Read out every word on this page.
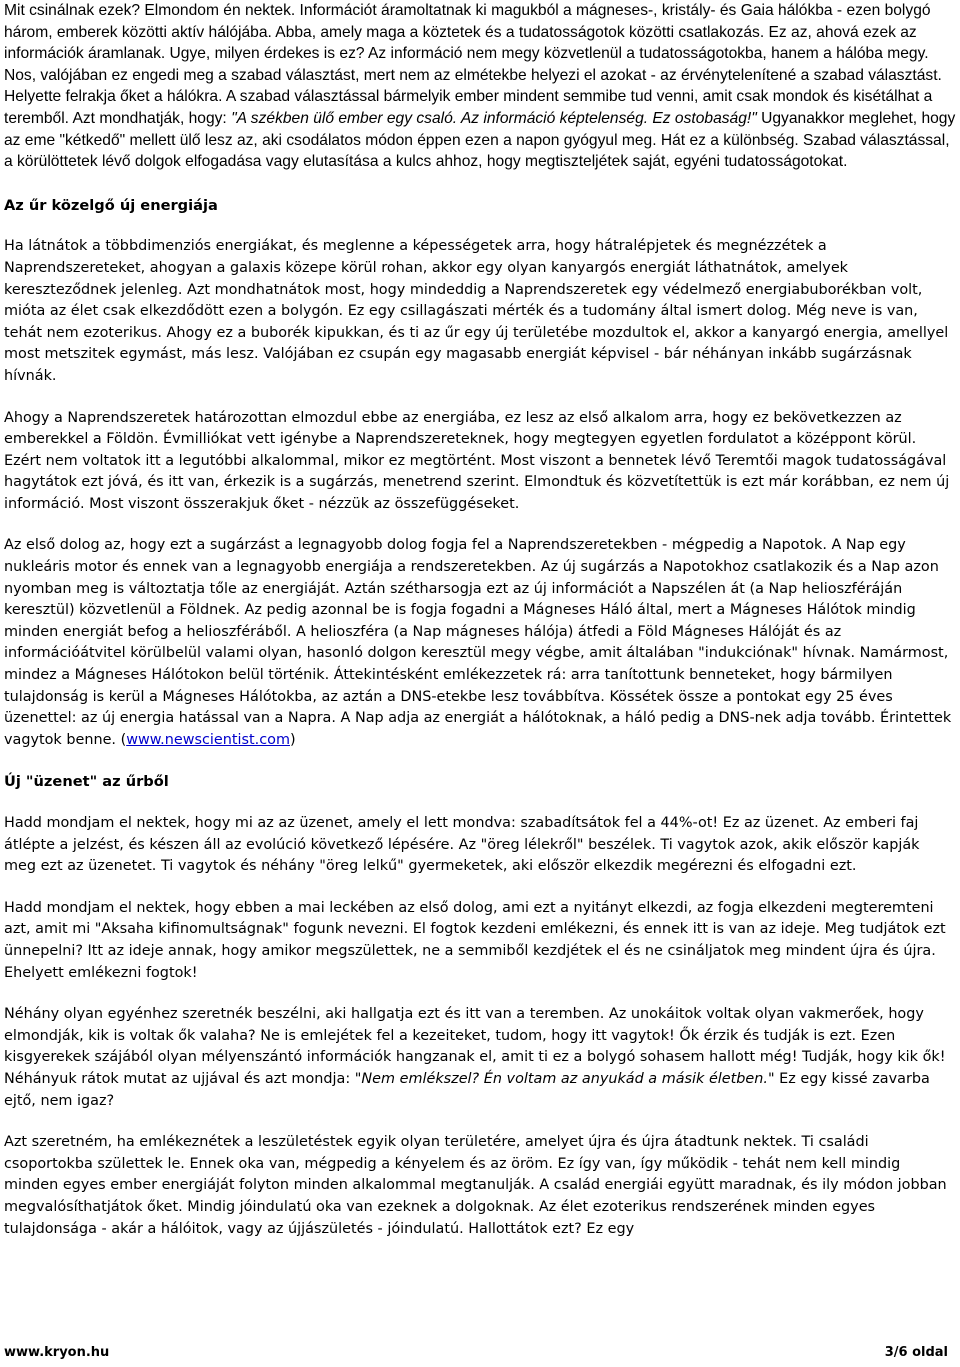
Mit csinálnak ezek? Elmondom én nektek. Információt áramoltatnak ki magukból a mágneses-, kristály- és Gaia hálókba - ezen bolygó három, emberek közötti aktív hálójába. Abba, amely maga a köztetek és a tudatosságotok közötti csatlakozás. Ez az, ahová ezek az információk áramlanak. Ugye, milyen érdekes is ez? Az információ nem megy közvetlenül a tudatosságotokba, hanem a hálóba megy. Nos, valójában ez engedi meg a szabad választást, mert nem az elmétekbe helyezi el azokat - az érvénytelenítené a szabad választást. Helyette felrakja őket a hálókra. A szabad választással bármelyik ember mindent semmibe tud venni, amit csak mondok és kisétálhat a teremből. Azt mondhatják, hogy: "A székben ülő ember egy csaló. Az információ képtelenség. Ez ostobaság!" Ugyanakkor meglehet, hogy az eme "kétkedő" mellett ülő lesz az, aki csodálatos módon éppen ezen a napon gyógyul meg. Hát ez a különbség. Szabad választással, a körülöttetek lévő dolgok elfogadása vagy elutasítása a kulcs ahhoz, hogy megtiszteljétek saját, egyéni tudatosságotokat.

Az űr közelgő új energiája

Ha látnátok a többdimenziós energiákat, és meglenne a képességetek arra, hogy hátralépjetek és megnézzétek a Naprendszereteket, ahogyan a galaxis közepe körül rohan, akkor egy olyan kanyargós energiát láthatnátok, amelyek kereszteződnek jelenleg. Azt mondhatnátok most, hogy mindeddig a Naprendszeretek egy védelmező energiabuborékban volt, mióta az élet csak elkezdődött ezen a bolygón. Ez egy csillagászati mérték és a tudomány által ismert dolog. Még neve is van, tehát nem ezoterikus. Ahogy ez a buborék kipukkan, és ti az űr egy új területébe mozdultok el, akkor a kanyargó energia, amellyel most metszitek egymást, más lesz. Valójában ez csupán egy magasabb energiát képvisel - bár néhányan inkább sugárzásnak hívnák.

Ahogy a Naprendszeretek határozottan elmozdul ebbe az energiába, ez lesz az első alkalom arra, hogy ez bekövetkezzen az emberekkel a Földön. Évmilliókat vett igénybe a Naprendszereteknek, hogy megtegyen egyetlen fordulatot a középpont körül. Ezért nem voltatok itt a legutóbbi alkalommal, mikor ez megtörtént. Most viszont a bennetek lévő Teremtői magok tudatosságával hagytátok ezt jóvá, és itt van, érkezik is a sugárzás, menetrend szerint. Elmondtuk és közvetítettük is ezt már korábban, ez nem új információ. Most viszont összerakjuk őket - nézzük az összefüggéseket.

Az első dolog az, hogy ezt a sugárzást a legnagyobb dolog fogja fel a Naprendszeretekben - mégpedig a Napotok. A Nap egy nukleáris motor és ennek van a legnagyobb energiája a rendszeretekben. Az új sugárzás a Napotokhoz csatlakozik és a Nap azon nyomban meg is változtatja tőle az energiáját. Aztán szétharsogja ezt az új információt a Napszélen át (a Nap helioszféráján keresztül) közvetlenül a Földnek. Az pedig azonnal be is fogja fogadni a Mágneses Háló által, mert a Mágneses Hálótok mindig minden energiát befog a helioszféráből. A helioszféra (a Nap mágneses hálója) átfedi a Föld Mágneses Hálóját és az információátvitel körülbelül valami olyan, hasonló dolgon keresztül megy végbe, amit általában "indukciónak" hívnak. Namármost, mindez a Mágneses Hálótokon belül történik. Áttekintésként emlékezzetek rá: arra tanítottunk benneteket, hogy bármilyen tulajdonság is kerül a Mágneses Hálótokba, az aztán a DNS-etekbe lesz továbbítva. Kössétek össze a pontokat egy 25 éves üzenettel: az új energia hatással van a Napra. A Nap adja az energiát a hálótoknak, a háló pedig a DNS-nek adja tovább. Érintettek vagytok benne. (www.newscientist.com)

Új "üzenet" az űrből

Hadd mondjam el nektek, hogy mi az az üzenet, amely el lett mondva: szabadítsátok fel a 44%-ot! Ez az üzenet. Az emberi faj átlépte a jelzést, és készen áll az evolúció következő lépésére. Az "öreg lélekről" beszélek. Ti vagytok azok, akik először kapják meg ezt az üzenetet. Ti vagytok és néhány "öreg lelkű" gyermeketek, aki először elkezdik megérezni és elfogadni ezt.

Hadd mondjam el nektek, hogy ebben a mai leckében az első dolog, ami ezt a nyitányt elkezdi, az fogja elkezdeni megteremteni azt, amit mi "Aksaha kifinomultságnak" fogunk nevezni. El fogtok kezdeni emlékezni, és ennek itt is van az ideje. Meg tudjátok ezt ünnepelni? Itt az ideje annak, hogy amikor megszülettek, ne a semmiből kezdjétek el és ne csináljatok meg mindent újra és újra. Ehelyett emlékezni fogtok!

Néhány olyan egyénhez szeretnék beszélni, aki hallgatja ezt és itt van a teremben. Az unokáitok voltak olyan vakmerőek, hogy elmondják, kik is voltak ők valaha? Ne is emlejétek fel a kezeiteket, tudom, hogy itt vagytok! Ők érzik és tudják is ezt. Ezen kisgyerekek szájából olyan mélyenszántó információk hangzanak el, amit ti ez a bolygó sohasem hallott még! Tudják, hogy kik ők! Néhányuk rátok mutat az ujjával és azt mondja: "Nem emlékszel? Én voltam az anyukád a másik életben." Ez egy kissé zavarba ejtő, nem igaz?

Azt szeretném, ha emlékeznétek a leszületéstek egyik olyan területére, amelyet újra és újra átadtunk nektek. Ti családi csoportokba születtek le. Ennek oka van, mégpedig a kényelem és az öröm. Ez így van, így működik - tehát nem kell mindig minden egyes ember energiáját folyton minden alkalommal megtanulják. A család energiái együtt maradnak, és ily módon jobban megvalósíthatjátok őket. Mindig jóindulatú oka van ezeknek a dolgoknak. Az élet ezoterikus rendszerének minden egyes tulajdonsága - akár a hálóitok, vagy az újjászületés - jóindulatú. Hallottátok ezt? Ez egy

www.kryon.hu	3/6 oldal
